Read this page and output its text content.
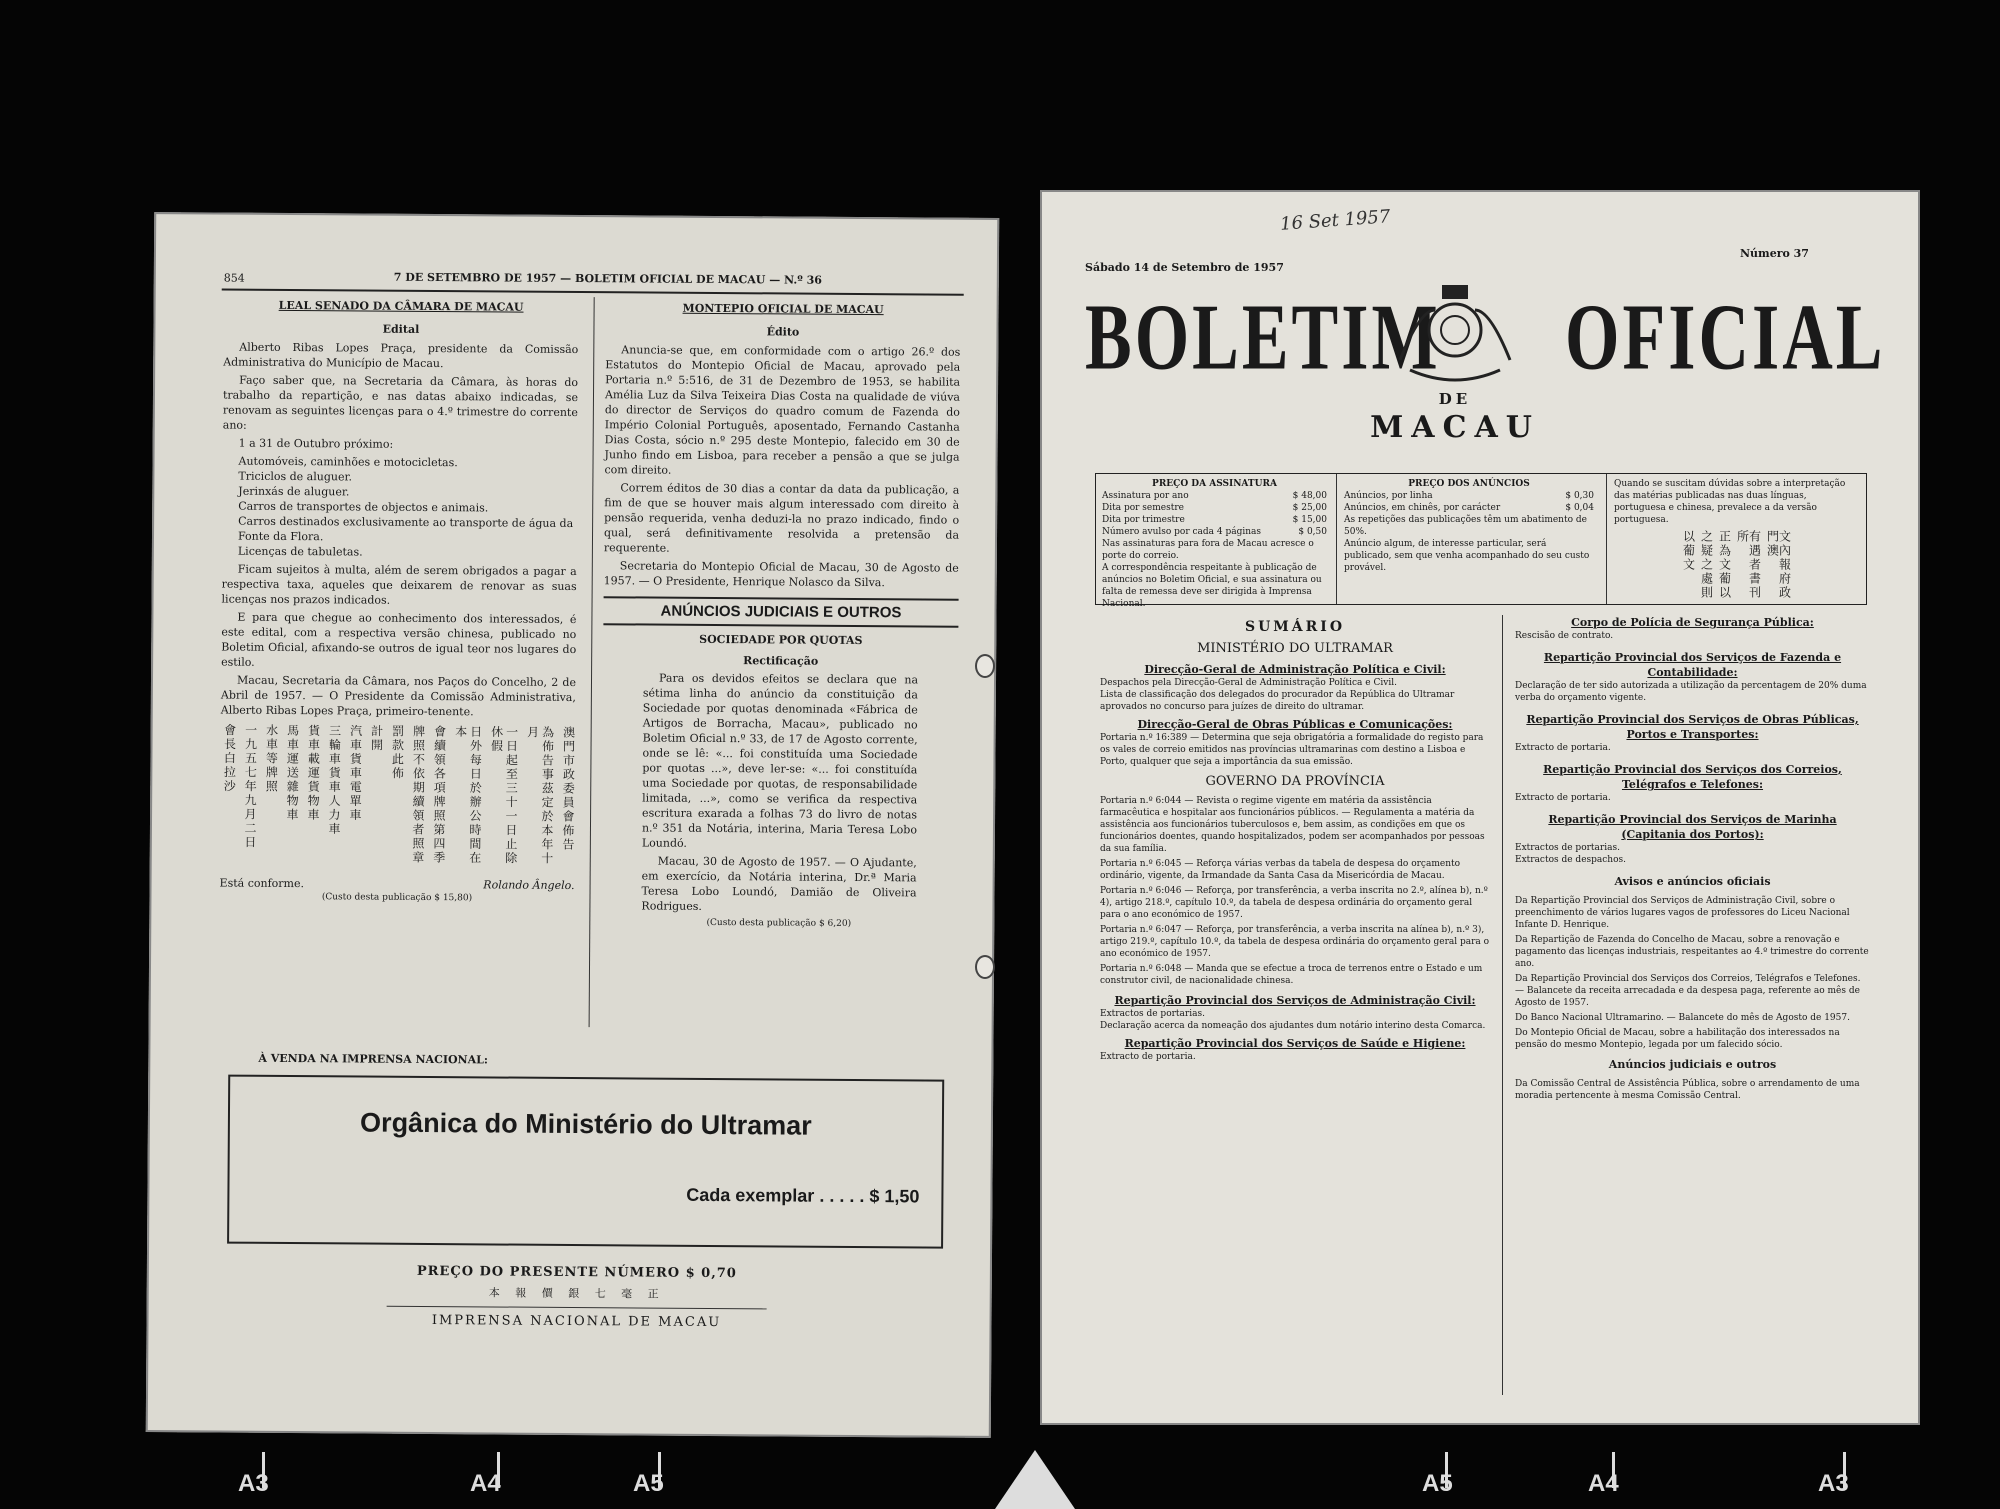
854	7 DE SETEMBRO DE 1957 — BOLETIM OFICIAL DE MACAU — N.º 36
LEAL SENADO DA CÂMARA DE MACAU
Edital

Alberto Ribas Lopes Praça, presidente da Comissão Administrativa do Município de Macau.

Faço saber que, na Secretaria da Câmara, às horas do trabalho da repartição, e nas datas abaixo indicadas, se renovam as seguintes licenças para o 4.º trimestre do corrente ano:

1 a 31 de Outubro próximo:

Automóveis, caminhões e motocicletas.
Triciclos de aluguer.
Jerinxás de aluguer.
Carros de transportes de objectos e animais.
Carros destinados exclusivamente ao transporte de água da Fonte da Flora.
Licenças de tabuletas.

Ficam sujeitos à multa, além de serem obrigados a pagar a respectiva taxa, aqueles que deixarem de renovar as suas licenças nos prazos indicados.

E para que chegue ao conhecimento dos interessados, é este edital, com a respectiva versão chinesa, publicado no Boletim Oficial, afixando-se outros de igual teor nos lugares do estilo.

Macau, Secretaria da Câmara, nos Paços do Concelho, 2 de Abril de 1957. — O Presidente da Comissão Administrativa, Alberto Ribas Lopes Praça, primeiro-tenente.

澳門市政委員會佈告
為佈告事茲定於本年十月
一日起至三十一日止除休假
日外每日於辦公時間在本
會續領各項牌照第四季
牌照不依期續領者照章
罰款此佈
計開
汽車貨車電單車
三輪車貨車人力車
貨車載運貨物車
馬車運送雜物車
水車等牌照
一九五七年九月二日
會長白拉沙
Está conforme.	Rolando Ângelo.
(Custo desta publicação $ 15,80)
MONTEPIO OFICIAL DE MACAU
Édito

Anuncia-se que, em conformidade com o artigo 26.º dos Estatutos do Montepio Oficial de Macau, aprovado pela Portaria n.º 5:516, de 31 de Dezembro de 1953, se habilita Amélia Luz da Silva Teixeira Dias Costa na qualidade de viúva do director de Serviços do quadro comum de Fazenda do Império Colonial Português, aposentado, Fernando Castanha Dias Costa, sócio n.º 295 deste Montepio, falecido em 30 de Junho findo em Lisboa, para receber a pensão a que se julga com direito.

Correm éditos de 30 dias a contar da data da publicação, a fim de que se houver mais algum interessado com direito à pensão requerida, venha deduzi-la no prazo indicado, findo o qual, será definitivamente resolvida a pretensão da requerente.

Secretaria do Montepio Oficial de Macau, 30 de Agosto de 1957. — O Presidente, Henrique Nolasco da Silva.

ANÚNCIOS JUDICIAIS E OUTROS
SOCIEDADE POR QUOTAS
Rectificação

Para os devidos efeitos se declara que na sétima linha do anúncio da constituição da Sociedade por quotas denominada «Fábrica de Artigos de Borracha, Macau», publicado no Boletim Oficial n.º 33, de 17 de Agosto corrente, onde se lê: «... foi constituída uma Sociedade por quotas ...», deve ler-se: «... foi constituída uma Sociedade por quotas, de responsabilidade limitada, ...», como se verifica da respectiva escritura exarada a folhas 73 do livro de notas n.º 351 da Notária, interina, Maria Teresa Lobo Loundó.

Macau, 30 de Agosto de 1957. — O Ajudante, em exercício, da Notária interina, Dr.ª Maria Teresa Lobo Loundó, Damião de Oliveira Rodrigues.

(Custo desta publicação $ 6,20)
À VENDA NA IMPRENSA NACIONAL:
Orgânica do Ministério do Ultramar
Cada exemplar . . . . . $ 1,50
PREÇO DO PRESENTE NÚMERO $ 0,70
本 報 價 銀 七 毫 正
IMPRENSA NACIONAL DE MACAU
Sábado 14 de Setembro de 1957
Número 37
16 Set 1957
BOLETIM OFICIAL
DE
MACAU
PREÇO DA ASSINATURA
Assinatura por ano	$ 48,00
Dita por semestre	$ 25,00
Dita por trimestre	$ 15,00
Número avulso por cada 4 páginas	$ 0,50
Nas assinaturas para fora de Macau acresce o porte do correio.
A correspondência respeitante à publicação de anúncios no Boletim Oficial, e sua assinatura ou falta de remessa deve ser dirigida à Imprensa Nacional.
PREÇO DOS ANÚNCIOS
Anúncios, por linha	$ 0,30
Anúncios, em chinês, por carácter	$ 0,04
As repetições das publicações têm um abatimento de 50%.
Anúncio algum, de interesse particular, será publicado, sem que venha acompanhado do seu custo provável.
Quando se suscitam dúvidas sobre a interpretação das matérias publicadas nas duas línguas, portuguesa e chinesa, prevalece a da versão portuguesa.
文內報府政門澳
有遇者書刊所
正為文葡以
之疑之處則
以葡文
SUMÁRIO
MINISTÉRIO DO ULTRAMAR
Direcção-Geral de Administração Política e Civil:
Despachos pela Direcção-Geral de Administração Política e Civil.
Lista de classificação dos delegados do procurador da República do Ultramar aprovados no concurso para juízes de direito do ultramar.
Direcção-Geral de Obras Públicas e Comunicações:
Portaria n.º 16:389 — Determina que seja obrigatória a formalidade do registo para os vales de correio emitidos nas províncias ultramarinas com destino a Lisboa e Porto, qualquer que seja a importância da sua emissão.
GOVERNO DA PROVÍNCIA
Portaria n.º 6:044 — Revista o regime vigente em matéria da assistência farmacêutica e hospitalar aos funcionários públicos. — Regulamenta a matéria da assistência aos funcionários tuberculosos e, bem assim, as condições em que os funcionários doentes, quando hospitalizados, podem ser acompanhados por pessoas da sua família.
Portaria n.º 6:045 — Reforça várias verbas da tabela de despesa do orçamento ordinário, vigente, da Irmandade da Santa Casa da Misericórdia de Macau.
Portaria n.º 6:046 — Reforça, por transferência, a verba inscrita no 2.º, alínea b), n.º 4), artigo 218.º, capítulo 10.º, da tabela de despesa ordinária do orçamento geral para o ano económico de 1957.
Portaria n.º 6:047 — Reforça, por transferência, a verba inscrita na alínea b), n.º 3), artigo 219.º, capítulo 10.º, da tabela de despesa ordinária do orçamento geral para o ano económico de 1957.
Portaria n.º 6:048 — Manda que se efectue a troca de terrenos entre o Estado e um construtor civil, de nacionalidade chinesa.
Repartição Provincial dos Serviços de Administração Civil:
Extractos de portarias.
Declaração acerca da nomeação dos ajudantes dum notário interino desta Comarca.
Repartição Provincial dos Serviços de Saúde e Higiene:
Extracto de portaria.
Corpo de Polícia de Segurança Pública:
Rescisão de contrato.
Repartição Provincial dos Serviços de Fazenda e Contabilidade:
Declaração de ter sido autorizada a utilização da percentagem de 20% duma verba do orçamento vigente.
Repartição Provincial dos Serviços de Obras Públicas, Portos e Transportes:
Extracto de portaria.
Repartição Provincial dos Serviços dos Correios, Telégrafos e Telefones:
Extracto de portaria.
Repartição Provincial dos Serviços de Marinha (Capitania dos Portos):
Extractos de portarias.
Extractos de despachos.
Avisos e anúncios oficiais
Da Repartição Provincial dos Serviços de Administração Civil, sobre o preenchimento de vários lugares vagos de professores do Liceu Nacional Infante D. Henrique.
Da Repartição de Fazenda do Concelho de Macau, sobre a renovação e pagamento das licenças industriais, respeitantes ao 4.º trimestre do corrente ano.
Da Repartição Provincial dos Serviços dos Correios, Telégrafos e Telefones. — Balancete da receita arrecadada e da despesa paga, referente ao mês de Agosto de 1957.
Do Banco Nacional Ultramarino. — Balancete do mês de Agosto de 1957.
Do Montepio Oficial de Macau, sobre a habilitação dos interessados na pensão do mesmo Montepio, legada por um falecido sócio.
Anúncios judiciais e outros
Da Comissão Central de Assistência Pública, sobre o arrendamento de uma moradia pertencente à mesma Comissão Central.
A3	A4	A5	A5	A4	A3
